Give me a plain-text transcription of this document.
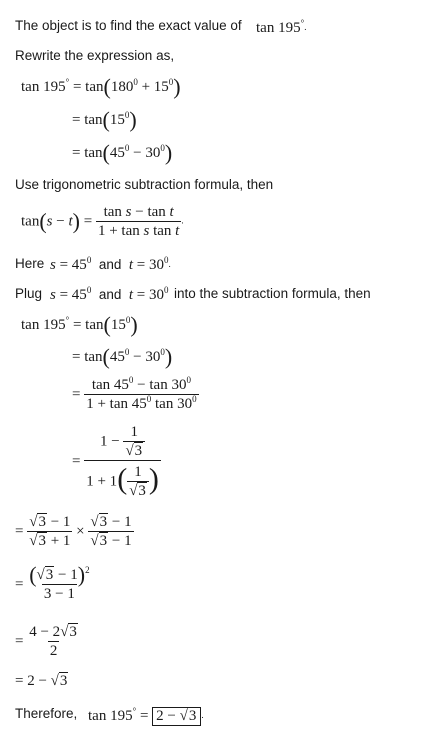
The object is to find the exact value of tan 195°.
Rewrite the expression as,
$\tan 195^\circ = \tan(180^0 + 15^0)$
= $\tan(15^0)$
= $\tan(45^0 - 30^0)$
Use trigonometric subtraction formula, then
$\tan(s - t) = \frac{\text{tan s − tan t}}{\text{1 + tan s tan t}}$ .
Here $s = 45^0$ and $t = 30^0$.
Plug $s = 45^0$ and $t = 30^0$ into the subtraction formula, then
$\tan 195^\circ = \tan(15^0)$
= $\tan(45^0 - 30^0)$
= $\frac{\tan 45^0 - \tan 30^0}{1 + \tan 45^0 \tan 30^0}$
= $\frac{1 - \frac{1}{√3}}{1 + 1( \frac{1}{√3} )}$
= $\frac{√3 - 1}{√3 + 1} \times \frac{√3 - 1}{√3 - 1}$
= $\frac{(√3 - 1)^2}{3 - 1}$
= $\frac{4 - 2√3}{2}$
= 2 − √3
Therefore, tan 195° = 2 − √3 .
